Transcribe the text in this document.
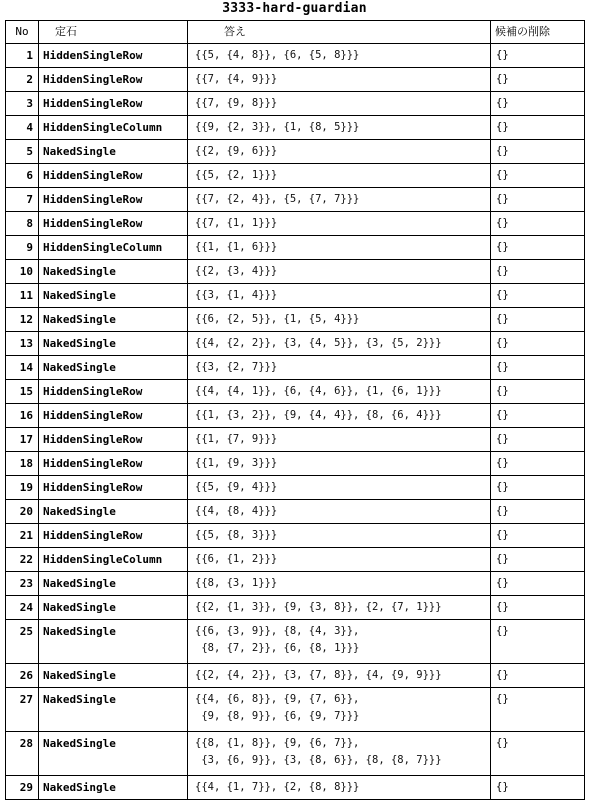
3333-hard-guardian
No	定石	答え	候補の削除
1	HiddenSingleRow	{{5, {4, 8}}, {6, {5, 8}}}	{}
2	HiddenSingleRow	{{7, {4, 9}}}	{}
3	HiddenSingleRow	{{7, {9, 8}}}	{}
4	HiddenSingleColumn	{{9, {2, 3}}, {1, {8, 5}}}	{}
5	NakedSingle	{{2, {9, 6}}}	{}
6	HiddenSingleRow	{{5, {2, 1}}}	{}
7	HiddenSingleRow	{{7, {2, 4}}, {5, {7, 7}}}	{}
8	HiddenSingleRow	{{7, {1, 1}}}	{}
9	HiddenSingleColumn	{{1, {1, 6}}}	{}
10	NakedSingle	{{2, {3, 4}}}	{}
11	NakedSingle	{{3, {1, 4}}}	{}
12	NakedSingle	{{6, {2, 5}}, {1, {5, 4}}}	{}
13	NakedSingle	{{4, {2, 2}}, {3, {4, 5}}, {3, {5, 2}}}	{}
14	NakedSingle	{{3, {2, 7}}}	{}
15	HiddenSingleRow	{{4, {4, 1}}, {6, {4, 6}}, {1, {6, 1}}}	{}
16	HiddenSingleRow	{{1, {3, 2}}, {9, {4, 4}}, {8, {6, 4}}}	{}
17	HiddenSingleRow	{{1, {7, 9}}}	{}
18	HiddenSingleRow	{{1, {9, 3}}}	{}
19	HiddenSingleRow	{{5, {9, 4}}}	{}
20	NakedSingle	{{4, {8, 4}}}	{}
21	HiddenSingleRow	{{5, {8, 3}}}	{}
22	HiddenSingleColumn	{{6, {1, 2}}}	{}
23	NakedSingle	{{8, {3, 1}}}	{}
24	NakedSingle	{{2, {1, 3}}, {9, {3, 8}}, {2, {7, 1}}}	{}
25	NakedSingle	{{6, {3, 9}}, {8, {4, 3}},
{8, {7, 2}}, {6, {8, 1}}}	{}
26	NakedSingle	{{2, {4, 2}}, {3, {7, 8}}, {4, {9, 9}}}	{}
27	NakedSingle	{{4, {6, 8}}, {9, {7, 6}},
{9, {8, 9}}, {6, {9, 7}}}	{}
28	NakedSingle	{{8, {1, 8}}, {9, {6, 7}},
{3, {6, 9}}, {3, {8, 6}}, {8, {8, 7}}}	{}
29	NakedSingle	{{4, {1, 7}}, {2, {8, 8}}}	{}
